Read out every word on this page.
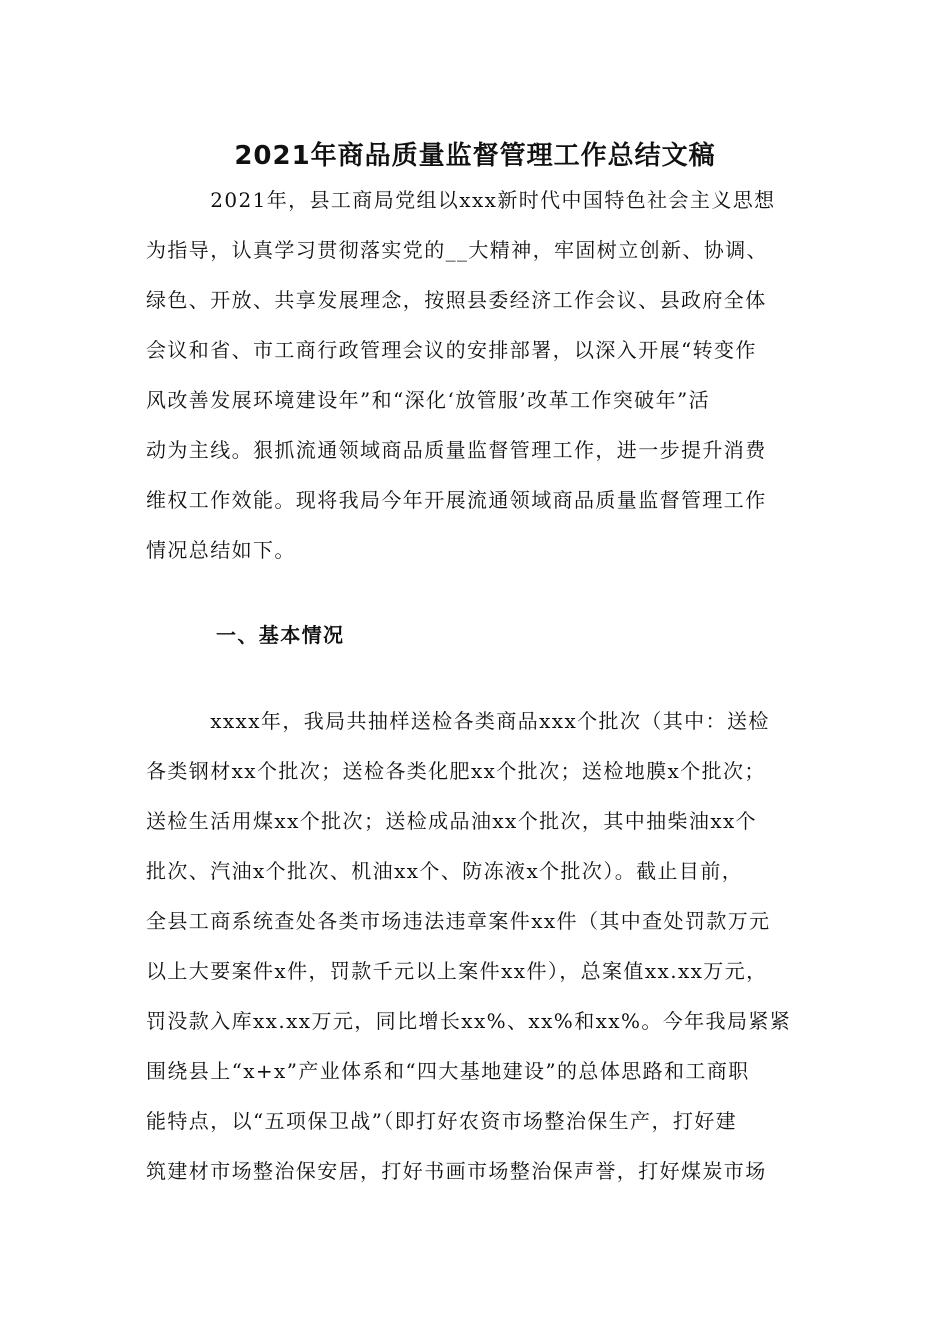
2021年商品质量监督管理工作总结文稿
　　　2021年，县工商局党组以xxx新时代中国特色社会主义思想
为指导，认真学习贯彻落实党的__大精神，牢固树立创新、协调、
绿色、开放、共享发展理念，按照县委经济工作会议、县政府全体
会议和省、市工商行政管理会议的安排部署，以深入开展“转变作
风改善发展环境建设年”和“深化‘放管服’改革工作突破年”活
动为主线。狠抓流通领域商品质量监督管理工作，进一步提升消费
维权工作效能。现将我局今年开展流通领域商品质量监督管理工作
情况总结如下。
一、基本情况
　　　xxxx年，我局共抽样送检各类商品xxx个批次（其中：送检
各类钢材xx个批次；送检各类化肥xx个批次；送检地膜x个批次；
送检生活用煤xx个批次；送检成品油xx个批次，其中抽柴油xx个
批次、汽油x个批次、机油xx个、防冻液x个批次）。截止目前，
全县工商系统查处各类市场违法违章案件xx件（其中查处罚款万元
以上大要案件x件，罚款千元以上案件xx件），总案值xx.xx万元，
罚没款入库xx.xx万元，同比增长xx%、xx%和xx%。今年我局紧紧
围绕县上“x+x”产业体系和“四大基地建设”的总体思路和工商职
能特点，以“五项保卫战”（即打好农资市场整治保生产，打好建
筑建材市场整治保安居，打好书画市场整治保声誉，打好煤炭市场
